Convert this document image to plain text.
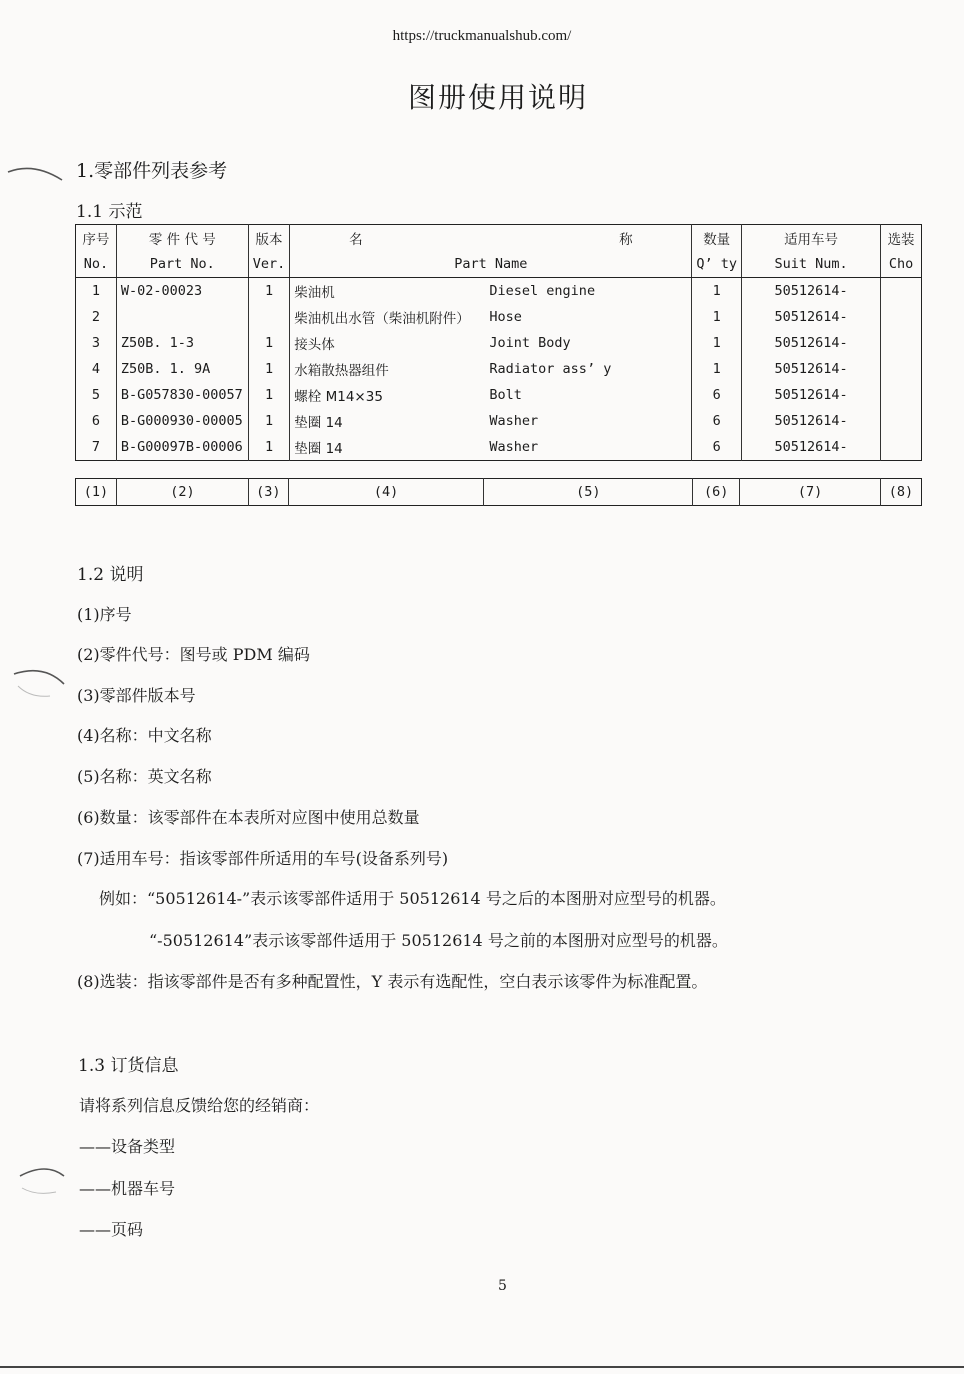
https://truckmanualshub.com/
图册使用说明
1.零部件列表参考
1.1 示范
序号	零 件 代 号	版本	名 称		数量	适用车号	选装
No.	Part No.	Ver.	Part Name		Q’ ty	Suit Num.	Cho
1	W-02-00023	1	柴油机	Diesel engine	1	50512614-	
2			柴油机出水管（柴油机附件）	Hose	1	50512614-	
3	Z50B. 1-3	1	接头体	Joint Body	1	50512614-	
4	Z50B. 1. 9A	1	水箱散热器组件	Radiator ass’ y	1	50512614-	
5	B-G057830-00057	1	螺栓 M14×35	Bolt	6	50512614-	
6	B-G000930-00005	1	垫圈 14	Washer	6	50512614-	
7	B-G00097B-00006	1	垫圈 14	Washer	6	50512614-	
(1)	(2)	(3)	(4)	(5)	(6)	(7)	(8)
1.2 说明
(1)序号
(2)零件代号：图号或 PDM 编码
(3)零部件版本号
(4)名称：中文名称
(5)名称：英文名称
(6)数量：该零部件在本表所对应图中使用总数量
(7)适用车号：指该零部件所适用的车号(设备系列号)
例如：“50512614-”表示该零部件适用于 50512614 号之后的本图册对应型号的机器。
“-50512614”表示该零部件适用于 50512614 号之前的本图册对应型号的机器。
(8)选装：指该零部件是否有多种配置性，Y 表示有选配性，空白表示该零件为标准配置。
1.3 订货信息
请将系列信息反馈给您的经销商：
——设备类型
——机器车号
——页码
5
